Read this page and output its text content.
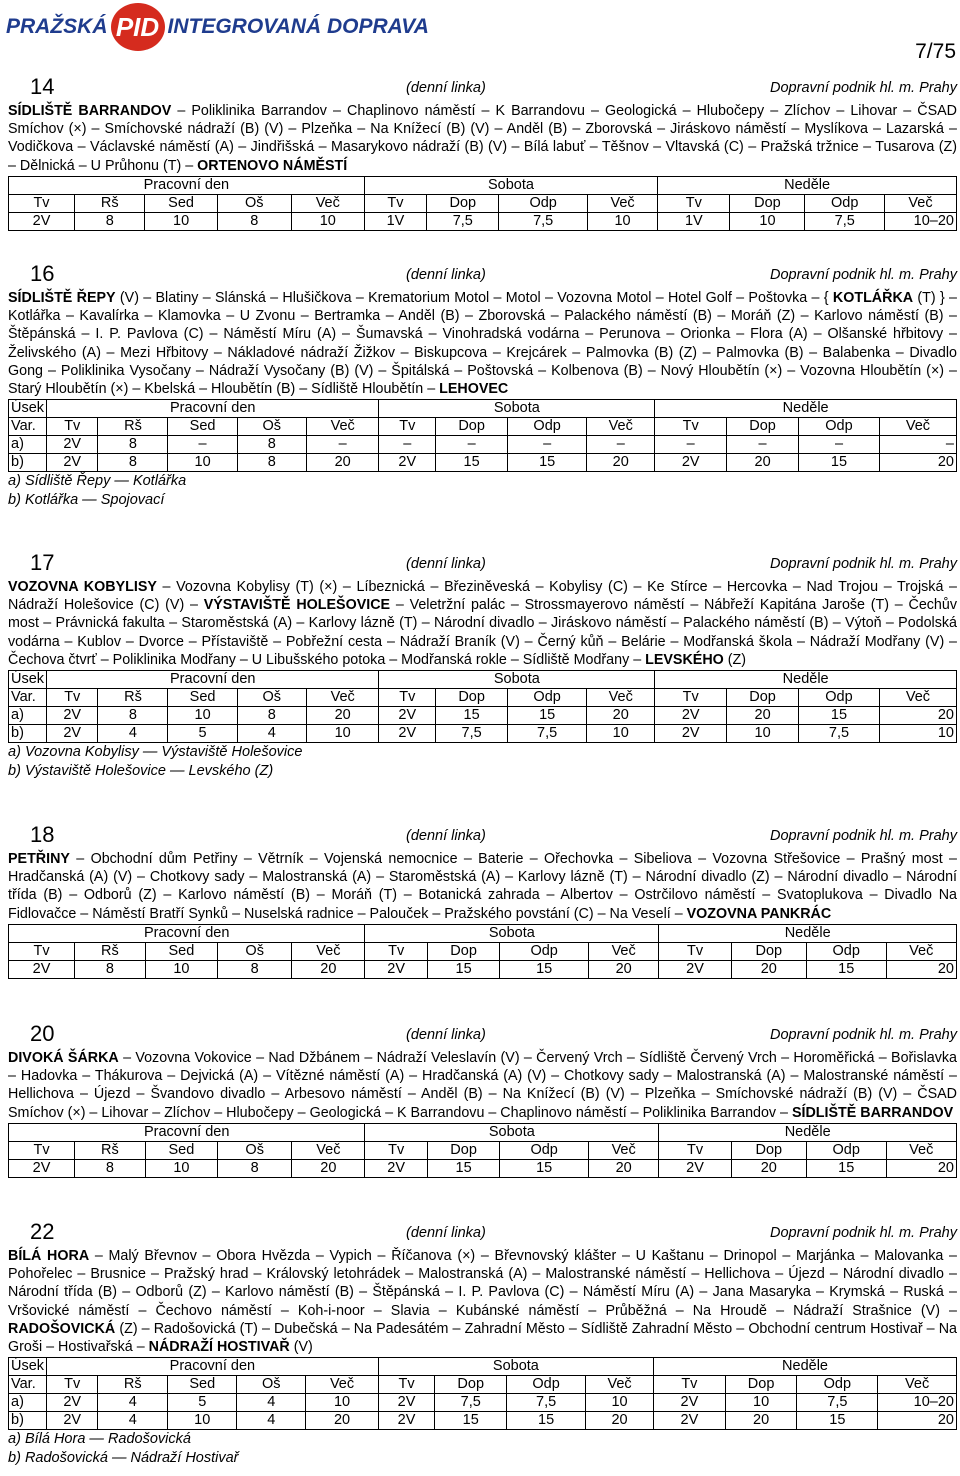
PRAŽSKÁ PID INTEGROVANÁ DOPRAVA
7/75
14	(denní linka)	Dopravní podnik hl. m. Prahy
SÍDLIŠTĚ BARRANDOV – Poliklinika Barrandov – Chaplinovo náměstí – K Barrandovu – Geologická – Hlubočepy – Zlíchov – Lihovar – ČSAD Smíchov (×) – Smíchovské nádraží (B) (V) – Plzeňka – Na Knížecí (B) (V) – Anděl (B) – Zborovská – Jiráskovo náměstí – Myslíkova – Lazarská – Vodičkova – Václavské náměstí (A) – Jindřišská – Masarykovo nádraží (B) (V) – Bílá labuť – Těšnov – Vltavská (C) – Pražská tržnice – Tusarova (Z) – Dělnická – U Průhonu (T) – ORTENOVO NÁMĚSTÍ
Pracovní den					Sobota				Neděle			
Tv	Rš	Sed	Oš	Več	Tv	Dop	Odp	Več	Tv	Dop	Odp	Več
2V	8	10	8	10	1V	7,5	7,5	10	1V	10	7,5	10–20
16	(denní linka)	Dopravní podnik hl. m. Prahy
SÍDLIŠTĚ ŘEPY (V) – Blatiny – Slánská – Hlušičkova – Krematorium Motol – Motol – Vozovna Motol – Hotel Golf – Poštovka – { KOTLÁŘKA (T) } – Kotlářka – Kavalírka – Klamovka – U Zvonu – Bertramka – Anděl (B) – Zborovská – Palackého náměstí (B) – Moráň (Z) – Karlovo náměstí (B) – Štěpánská – I. P. Pavlova (C) – Náměstí Míru (A) – Šumavská – Vinohradská vodárna – Perunova – Orionka – Flora (A) – Olšanské hřbitovy – Želivského (A) – Mezi Hřbitovy – Nákladové nádraží Žižkov – Biskupcova – Krejcárek – Palmovka (B) (Z) – Palmovka (B) – Balabenka – Divadlo Gong – Poliklinika Vysočany – Nádraží Vysočany (B) (V) – Špitálská – Poštovská – Kolbenova (B) – Nový Hloubětín (×) – Vozovna Hloubětín (×) – Starý Hloubětín (×) – Kbelská – Hloubětín (B) – Sídliště Hloubětín – LEHOVEC
Úsek	Pracovní den					Sobota				Neděle			
Var.	Tv	Rš	Sed	Oš	Več	Tv	Dop	Odp	Več	Tv	Dop	Odp	Več
a)	2V	8	–	8	–	–	–	–	–	–	–	–	–
b)	2V	8	10	8	20	2V	15	15	20	2V	20	15	20
a) Sídliště Řepy — Kotlářka
b) Kotlářka — Spojovací
17	(denní linka)	Dopravní podnik hl. m. Prahy
VOZOVNA KOBYLISY – Vozovna Kobylisy (T) (×) – Líbeznická – Březiněveská – Kobylisy (C) – Ke Stírce – Hercovka – Nad Trojou – Trojská – Nádraží Holešovice (C) (V) – VÝSTAVIŠTĚ HOLEŠOVICE – Veletržní palác – Strossmayerovo náměstí – Nábřeží Kapitána Jaroše (T) – Čechův most – Právnická fakulta – Staroměstská (A) – Karlovy lázně (T) – Národní divadlo – Jiráskovo náměstí – Palackého náměstí (B) – Výtoň – Podolská vodárna – Kublov – Dvorce – Přístaviště – Pobřežní cesta – Nádraží Braník (V) – Černý kůň – Belárie – Modřanská škola – Nádraží Modřany (V) – Čechova čtvrť – Poliklinika Modřany – U Libušského potoka – Modřanská rokle – Sídliště Modřany – LEVSKÉHO (Z)
Úsek	Pracovní den					Sobota				Neděle			
Var.	Tv	Rš	Sed	Oš	Več	Tv	Dop	Odp	Več	Tv	Dop	Odp	Več
a)	2V	8	10	8	20	2V	15	15	20	2V	20	15	20
b)	2V	4	5	4	10	2V	7,5	7,5	10	2V	10	7,5	10
a) Vozovna Kobylisy — Výstaviště Holešovice
b) Výstaviště Holešovice — Levského (Z)
18	(denní linka)	Dopravní podnik hl. m. Prahy
PETŘINY – Obchodní dům Petřiny – Větrník – Vojenská nemocnice – Baterie – Ořechovka – Sibeliova – Vozovna Střešovice – Prašný most – Hradčanská (A) (V) – Chotkovy sady – Malostranská (A) – Staroměstská (A) – Karlovy lázně (T) – Národní divadlo (Z) – Národní divadlo – Národní třída (B) – Odborů (Z) – Karlovo náměstí (B) – Moráň (T) – Botanická zahrada – Albertov – Ostrčilovo náměstí – Svatoplukova – Divadlo Na Fidlovačce – Náměstí Bratří Synků – Nuselská radnice – Palouček – Pražského povstání (C) – Na Veselí – VOZOVNA PANKRÁC
Pracovní den					Sobota				Neděle			
Tv	Rš	Sed	Oš	Več	Tv	Dop	Odp	Več	Tv	Dop	Odp	Več
2V	8	10	8	20	2V	15	15	20	2V	20	15	20
20	(denní linka)	Dopravní podnik hl. m. Prahy
DIVOKÁ ŠÁRKA – Vozovna Vokovice – Nad Džbánem – Nádraží Veleslavín (V) – Červený Vrch – Sídliště Červený Vrch – Horoměřická – Bořislavka – Hadovka – Thákurova – Dejvická (A) – Vítězné náměstí (A) – Hradčanská (A) (V) – Chotkovy sady – Malostranská (A) – Malostranské náměstí – Hellichova – Újezd – Švandovo divadlo – Arbesovo náměstí – Anděl (B) – Na Knížecí (B) (V) – Plzeňka – Smíchovské nádraží (B) (V) – ČSAD Smíchov (×) – Lihovar – Zlíchov – Hlubočepy – Geologická – K Barrandovu – Chaplinovo náměstí – Poliklinika Barrandov – SÍDLIŠTĚ BARRANDOV
Pracovní den					Sobota				Neděle			
Tv	Rš	Sed	Oš	Več	Tv	Dop	Odp	Več	Tv	Dop	Odp	Več
2V	8	10	8	20	2V	15	15	20	2V	20	15	20
22	(denní linka)	Dopravní podnik hl. m. Prahy
BÍLÁ HORA – Malý Břevnov – Obora Hvězda – Vypich – Říčanova (×) – Břevnovský klášter – U Kaštanu – Drinopol – Marjánka – Malovanka – Pohořelec – Brusnice – Pražský hrad – Královský letohrádek – Malostranská (A) – Malostranské náměstí – Hellichova – Újezd – Národní divadlo – Národní třída (B) – Odborů (Z) – Karlovo náměstí (B) – Štěpánská – I. P. Pavlova (C) – Náměstí Míru (A) – Jana Masaryka – Krymská – Ruská – Vršovické náměstí – Čechovo náměstí – Koh-i-noor – Slavia – Kubánské náměstí – Průběžná – Na Hroudě – Nádraží Strašnice (V) – RADOŠOVICKÁ (Z) – Radošovická (T) – Dubečská – Na Padesátém – Zahradní Město – Sídliště Zahradní Město – Obchodní centrum Hostivař – Na Groši – Hostivařská – NÁDRAŽÍ HOSTIVAŘ (V)
Úsek	Pracovní den					Sobota				Neděle			
Var.	Tv	Rš	Sed	Oš	Več	Tv	Dop	Odp	Več	Tv	Dop	Odp	Več
a)	2V	4	5	4	10	2V	7,5	7,5	10	2V	10	7,5	10–20
b)	2V	4	10	4	20	2V	15	15	20	2V	20	15	20
a) Bílá Hora — Radošovická
b) Radošovická — Nádraží Hostivař
